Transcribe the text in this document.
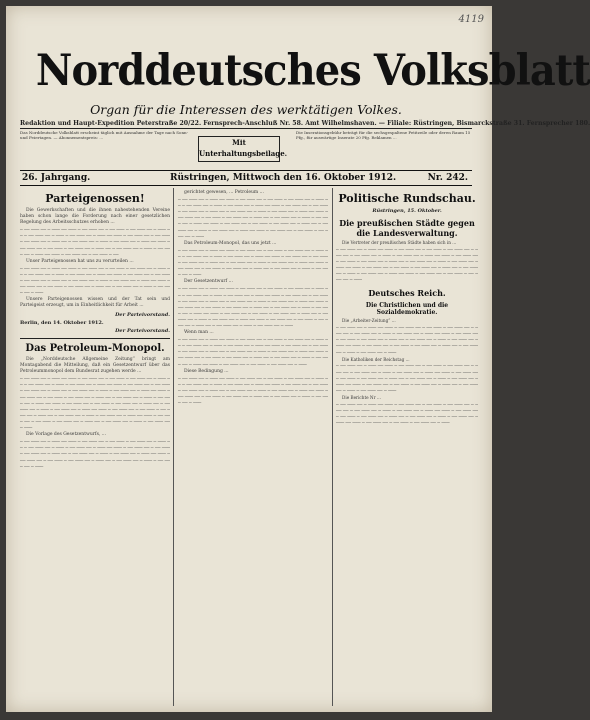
4119
Norddeutsches Volksblatt
Organ für die Interessen des werktätigen Volkes.
Redaktion und Haupt-Expedition Peterstraße 20/22. Fernsprech-Anschluß Nr. 58. Amt Wilhelmshaven. — Filiale: Rüstringen, Bismarckstraße 31. Fernsprecher 180.
Das Norddeutsche Volksblatt erscheint täglich mit Ausnahme der Tage nach Sonn- und Feiertagen. — Abonnementspreis: ...
Mit
Unterhaltungsbeilage.
Die Inserationsgebühr beträgt für die sechsgespaltene Petitzeile oder deren Raum 15 Pfg., für auswärtige Inserate 20 Pfg. Reklamen ...
26. Jahrgang.	Rüstringen, Mittwoch den 16. Oktober 1912.	Nr. 242.
Parteigenossen!
Die Gewerkschaften und die ihnen nahestehenden Vereine haben schon lange die Forderung nach einer gesetzlichen Regelung des Arbeitsschutzes erhoben ...
─ ── ─── ── ─ ─── ── ─── ─ ── ─── ── ─ ── ─── ─ ── ─── ── ─ ─── ── ─ ── ─── ── ─ ─── ─ ── ─── ── ─ ─── ── ─── ─ ── ─── ── ─ ── ─── ─ ── ─── ── ─ ─── ── ─ ── ─── ── ─ ─── ─ ── ─── ── ─ ─── ── ─── ─ ── ─── ── ─ ── ─── ─ ── ─── ── ─ ─── ── ─ ── ─── ── ─ ─── ─ ── ─── ── ─ ─── ── ─── ─ ── ─── ── ─ ── ─── ─ ──
Unser Parteigenossen hat uns zu verurteilen ...
─ ── ─── ── ─ ─── ── ─── ─ ── ─── ── ─ ── ─── ─ ── ─── ── ─ ─── ── ─ ── ─── ── ─ ─── ─ ── ─── ── ─ ─── ── ─── ─ ── ─── ── ─ ── ─── ─ ── ─── ── ─ ─── ── ─ ── ─── ── ─ ─── ─ ── ─── ── ─ ─── ── ─── ─ ── ─── ── ─ ── ─── ─ ── ─── ── ─ ─── ── ─ ── ─── ── ─ ─── ─ ── ─── ── ─ ───
Unsere Parteigenossen wissen und der Tat sein und Parteigeist erzeugt, um in Einheitlichkeit für Arbeit ...
Der Parteivorstand.
Berlin, den 14. Oktober 1912.
Der Parteivorstand.
Das Petroleum-Monopol.
Die „Norddeutsche Allgemeine Zeitung“ bringt am Montagabend die Mitteilung, daß ein Gesetzentwurf über das Petroleummonopol dem Bundesrat zugehen werde ...
─ ── ─── ── ─ ─── ── ─── ─ ── ─── ── ─ ── ─── ─ ── ─── ── ─ ─── ── ─ ── ─── ── ─ ─── ─ ── ─── ── ─ ─── ── ─── ─ ── ─── ── ─ ── ─── ─ ── ─── ── ─ ─── ── ─ ── ─── ── ─ ─── ─ ── ─── ── ─ ─── ── ─── ─ ── ─── ── ─ ── ─── ─ ── ─── ── ─ ─── ── ─ ── ─── ── ─ ─── ─ ── ─── ── ─ ─── ── ─── ─ ── ─── ── ─ ── ─── ─ ── ─── ── ─ ─── ── ─ ── ─── ── ─ ─── ─ ── ─── ── ─ ─── ── ─── ─ ── ─── ── ─ ── ─── ─ ── ─── ── ─ ─── ── ─ ── ─── ── ─ ─── ─ ── ─── ── ─ ─── ── ─── ─ ── ─── ── ─ ── ─── ─ ── ─── ── ─ ─── ── ─ ── ─── ── ─ ─── ─ ── ─── ── ─ ───
Die Vorlage des Gesetzentwurfs, ...
─ ── ─── ── ─ ─── ── ─── ─ ── ─── ── ─ ── ─── ─ ── ─── ── ─ ─── ── ─ ── ─── ── ─ ─── ─ ── ─── ── ─ ─── ── ─── ─ ── ─── ── ─ ── ─── ─ ── ─── ── ─ ─── ── ─ ── ─── ── ─ ─── ─ ── ─── ── ─ ─── ── ─── ─ ── ─── ── ─ ── ─── ─ ── ─── ── ─ ─── ── ─ ── ─── ── ─ ─── ─ ── ─── ── ─ ───
gerichtet gewesen, ... Petroleum ...
─ ── ─── ── ─ ─── ── ─── ─ ── ─── ── ─ ── ─── ─ ── ─── ── ─ ─── ── ─ ── ─── ── ─ ─── ─ ── ─── ── ─ ─── ── ─── ─ ── ─── ── ─ ── ─── ─ ── ─── ── ─ ─── ── ─ ── ─── ── ─ ─── ─ ── ─── ── ─ ─── ── ─── ─ ── ─── ── ─ ── ─── ─ ── ─── ── ─ ─── ── ─ ── ─── ── ─ ─── ─ ── ─── ── ─ ─── ── ─── ─ ── ─── ── ─ ── ─── ─ ── ─── ── ─ ─── ── ─ ── ─── ── ─ ─── ─ ── ─── ── ─ ─── ── ─── ─ ── ─── ── ─ ── ─── ─ ── ─── ── ─ ───
Das Petroleum-Monopol, das uns jetzt ...
─ ── ─── ── ─ ─── ── ─── ─ ── ─── ── ─ ── ─── ─ ── ─── ── ─ ─── ── ─ ── ─── ── ─ ─── ─ ── ─── ── ─ ─── ── ─── ─ ── ─── ── ─ ── ─── ─ ── ─── ── ─ ─── ── ─ ── ─── ── ─ ─── ─ ── ─── ── ─ ─── ── ─── ─ ── ─── ── ─ ── ─── ─ ── ─── ── ─ ─── ── ─ ── ─── ── ─ ─── ─ ── ─── ── ─ ───
Der Gesetzentwurf ...
─ ── ─── ── ─ ─── ── ─── ─ ── ─── ── ─ ── ─── ─ ── ─── ── ─ ─── ── ─ ── ─── ── ─ ─── ─ ── ─── ── ─ ─── ── ─── ─ ── ─── ── ─ ── ─── ─ ── ─── ── ─ ─── ── ─ ── ─── ── ─ ─── ─ ── ─── ── ─ ─── ── ─── ─ ── ─── ── ─ ── ─── ─ ── ─── ── ─ ─── ── ─ ── ─── ── ─ ─── ─ ── ─── ── ─ ─── ── ─── ─ ── ─── ── ─ ── ─── ─ ── ─── ── ─ ─── ── ─ ── ─── ── ─ ─── ─ ── ─── ── ─ ─── ── ─── ─ ── ─── ── ─ ── ─── ─ ── ─── ── ─ ─── ── ─ ── ─── ── ─ ─── ─ ── ─── ── ─ ───
Wenn man ...
─ ── ─── ── ─ ─── ── ─── ─ ── ─── ── ─ ── ─── ─ ── ─── ── ─ ─── ── ─ ── ─── ── ─ ─── ─ ── ─── ── ─ ─── ── ─── ─ ── ─── ── ─ ── ─── ─ ── ─── ── ─ ─── ── ─ ── ─── ── ─ ─── ─ ── ─── ── ─ ─── ── ─── ─ ── ─── ── ─ ── ─── ─ ── ─── ── ─ ─── ── ─ ── ─── ── ─ ─── ─ ── ─── ── ─ ─── ── ─── ─ ── ─── ── ─ ── ─── ─ ── ─── ── ─ ───
Diese Bedingung ...
─ ── ─── ── ─ ─── ── ─── ─ ── ─── ── ─ ── ─── ─ ── ─── ── ─ ─── ── ─ ── ─── ── ─ ─── ─ ── ─── ── ─ ─── ── ─── ─ ── ─── ── ─ ── ─── ─ ── ─── ── ─ ─── ── ─ ── ─── ── ─ ─── ─ ── ─── ── ─ ─── ── ─── ─ ── ─── ── ─ ── ─── ─ ── ─── ── ─ ─── ── ─ ── ─── ── ─ ─── ─ ── ─── ── ─ ───
Politische Rundschau.
Rüstringen, 15. Oktober.
Die preußischen Städte gegen die Landesverwaltung.
Die Vertreter der preußischen Städte haben sich in ...
─ ── ─── ── ─ ─── ── ─── ─ ── ─── ── ─ ── ─── ─ ── ─── ── ─ ─── ── ─ ── ─── ── ─ ─── ─ ── ─── ── ─ ─── ── ─── ─ ── ─── ── ─ ── ─── ─ ── ─── ── ─ ─── ── ─ ── ─── ── ─ ─── ─ ── ─── ── ─ ─── ── ─── ─ ── ─── ── ─ ── ─── ─ ── ─── ── ─ ─── ── ─ ── ─── ── ─ ─── ─ ── ─── ── ─ ─── ── ─── ─ ── ─── ── ─ ── ─── ─ ── ─── ── ─ ───
Deutsches Reich.
Die Christlichen und die Sozialdemokratie.
Die „Arbeiter-Zeitung“ ...
─ ── ─── ── ─ ─── ── ─── ─ ── ─── ── ─ ── ─── ─ ── ─── ── ─ ─── ── ─ ── ─── ── ─ ─── ─ ── ─── ── ─ ─── ── ─── ─ ── ─── ── ─ ── ─── ─ ── ─── ── ─ ─── ── ─ ── ─── ── ─ ─── ─ ── ─── ── ─ ─── ── ─── ─ ── ─── ── ─ ── ─── ─ ── ─── ── ─ ─── ── ─ ── ─── ── ─ ─── ─ ── ─── ── ─ ───
Die Katholiken der Reichstag ...
─ ── ─── ── ─ ─── ── ─── ─ ── ─── ── ─ ── ─── ─ ── ─── ── ─ ─── ── ─ ── ─── ── ─ ─── ─ ── ─── ── ─ ─── ── ─── ─ ── ─── ── ─ ── ─── ─ ── ─── ── ─ ─── ── ─ ── ─── ── ─ ─── ─ ── ─── ── ─ ─── ── ─── ─ ── ─── ── ─ ── ─── ─ ── ─── ── ─ ─── ── ─ ── ─── ── ─ ─── ─ ── ─── ── ─ ───
Die Berichte Nr ...
─ ── ─── ── ─ ─── ── ─── ─ ── ─── ── ─ ── ─── ─ ── ─── ── ─ ─── ── ─ ── ─── ── ─ ─── ─ ── ─── ── ─ ─── ── ─── ─ ── ─── ── ─ ── ─── ─ ── ─── ── ─ ─── ── ─ ── ─── ── ─ ─── ─ ── ─── ── ─ ─── ── ─── ─ ── ─── ── ─ ── ─── ─ ── ─── ── ─ ───
